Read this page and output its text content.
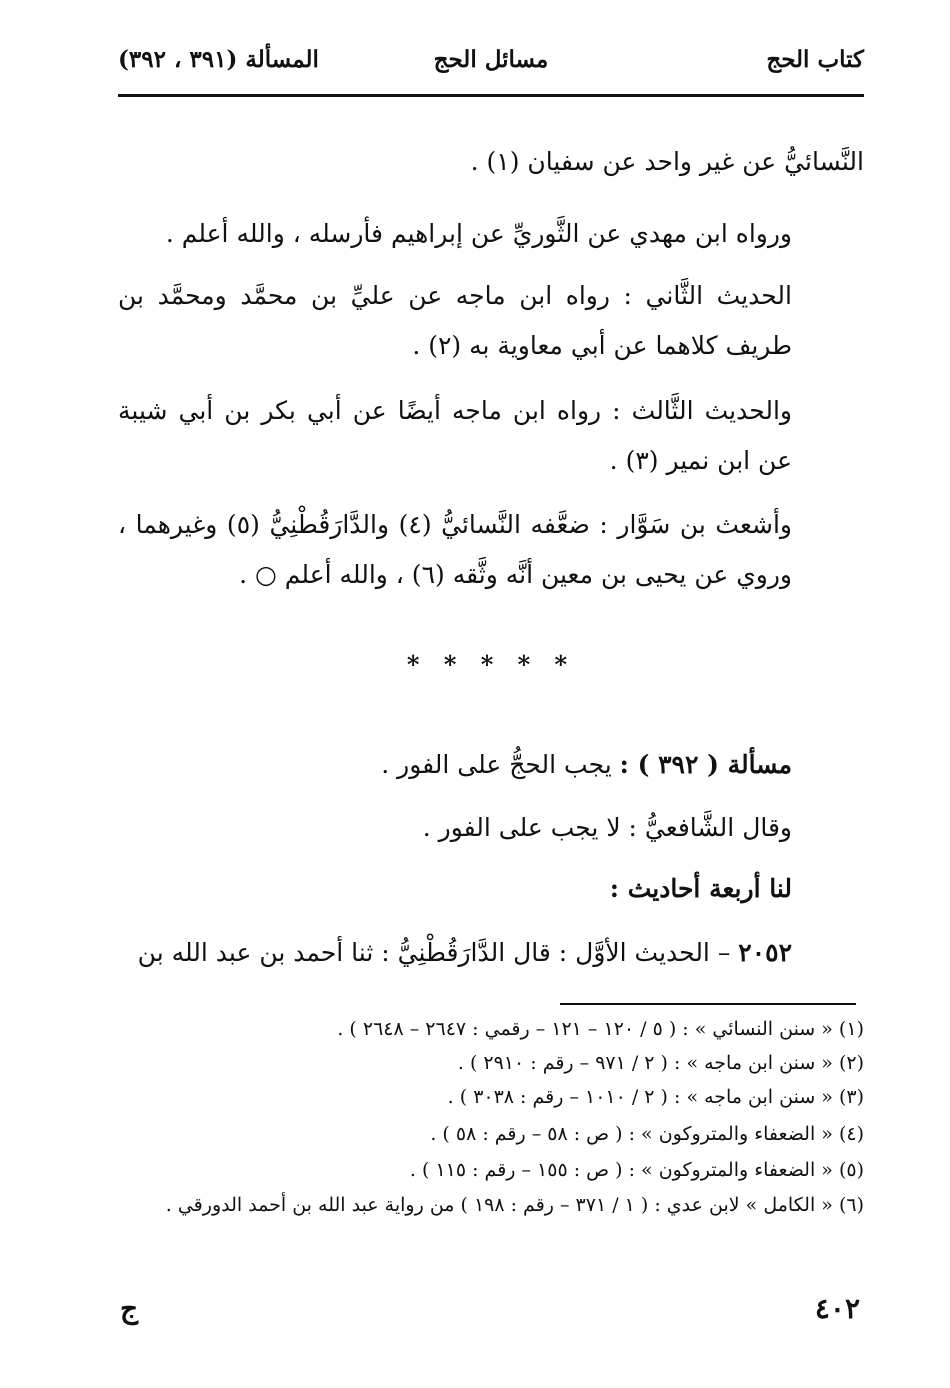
كتاب الحج
مسائل الحج
المسألة (٣٩١ ، ٣٩٢)
النَّسائيُّ عن غير واحد عن سفيان (١) .
ورواه ابن مهدي عن الثَّوريِّ عن إبراهيم فأرسله ، والله أعلم .
الحديث الثَّاني : رواه ابن ماجه عن عليِّ بن محمَّد ومحمَّد بن طريف كلاهما عن أبي معاوية به (٢) .
والحديث الثَّالث : رواه ابن ماجه أيضًا عن أبي بكر بن أبي شيبة عن ابن نمير (٣) .
وأشعث بن سَوَّار : ضعَّفه النَّسائيُّ (٤) والدَّارَقُطْنِيُّ (٥) وغيرهما ، وروي عن يحيى بن معين أنَّه وثَّقه (٦) ، والله أعلم ○ .
* * * * *
مسألة ( ٣٩٢ ) : يجب الحجُّ على الفور .
وقال الشَّافعيُّ : لا يجب على الفور .
لنا أربعة أحاديث :
٢٠٥٢ – الحديث الأوَّل : قال الدَّارَقُطْنِيُّ : ثنا أحمد بن عبد الله بن
(١) « سنن النسائي » : ( ٥ / ١٢٠ – ١٢١ – رقمي : ٢٦٤٧ – ٢٦٤٨ ) .
(٢) « سنن ابن ماجه » : ( ٢ / ٩٧١ – رقم : ٢٩١٠ ) .
(٣) « سنن ابن ماجه » : ( ٢ / ١٠١٠ – رقم : ٣٠٣٨ ) .
(٤) « الضعفاء والمتروكون » : ( ص : ٥٨ – رقم : ٥٨ ) .
(٥) « الضعفاء والمتروكون » : ( ص : ١٥٥ – رقم : ١١٥ ) .
(٦) « الكامل » لابن عدي : ( ١ / ٣٧١ – رقم : ١٩٨ ) من رواية عبد الله بن أحمد الدورقي .
٤٠٢
ج
